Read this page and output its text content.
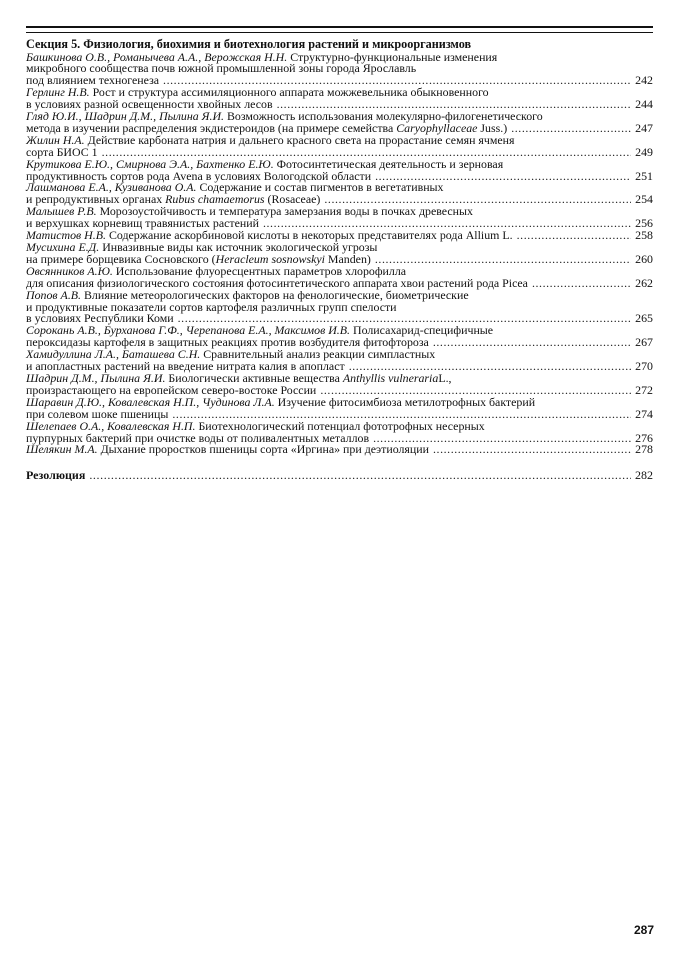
Секция 5. Физиология, биохимия и биотехнология растений и микроорганизмов
Башкинова О.В., Романычева А.А., Верожская Н.Н. Структурно-функциональные изменения
микробного сообщества почв южной промышленной зоны города Ярославль
под влиянием техногенеза . . .	242
Герлинг Н.В. Рост и структура ассимиляционного аппарата можжевельника обыкновенного
в условиях разной освещенности хвойных лесов . . .	244
Гляд Ю.И., Шадрин Д.М., Пылина Я.И. Возможность использования молекулярно-филогенетического
метода в изучении распределения экдистероидов (на примере семейства Caryophyllaceae Juss.) . . .	247
Жилин Н.А. Действие карбоната натрия и дальнего красного света на прорастание семян ячменя
сорта БИОС 1 . . .	249
Крутикова Е.Ю., Смирнова Э.А., Бахтенко Е.Ю. Фотосинтетическая деятельность и зерновая
продуктивность сортов рода Avena в условиях Вологодской области . . .	251
Лашманова Е.А., Кузиванова О.А. Содержание и состав пигментов в вегетативных
и репродуктивных органах Rubus chamaemorus (Rosaceae) . . .	254
Малышев Р.В. Морозоустойчивость и температура замерзания воды в почках древесных
и верхушках корневищ травянистых растений . . .	256
Матистов Н.В. Содержание аскорбиновой кислоты в некоторых представителях рода Allium L. . . .	258
Мусихина Е.Д. Инвазивные виды как источник экологической угрозы
на примере борщевика Сосновского (Heracleum sosnowskyi Manden) . . .	260
Овсянников А.Ю. Использование флуоресцентных параметров хлорофилла
для описания физиологического состояния фотосинтетического аппарата хвои растений рода Picea . . .	262
Попов А.В. Влияние метеорологических факторов на фенологические, биометрические
и продуктивные показатели сортов картофеля различных групп спелости
в условиях Республики Коми . . .	265
Сорокань А.В., Бурханова Г.Ф., Черепанова Е.А., Максимов И.В. Полисахарид-специфичные
пероксидазы картофеля в защитных реакциях против возбудителя фитофтороза . . .	267
Хамидуллина Л.А., Баташева С.Н. Сравнительный анализ реакции симпластных
и апопластных растений на введение нитрата калия в апопласт . . .	270
Шадрин Д.М., Пылина Я.И. Биологически активные вещества Anthyllis vulnerariaL.,
произрастающего на европейском северо-востоке России . . .	272
Шаравин Д.Ю., Ковалевская Н.П., Чудинова Л.А. Изучение фитосимбиоза метилотрофных бактерий
при солевом шоке пшеницы . . .	274
Шелепаев О.А., Ковалевская Н.П. Биотехнологический потенциал фототрофных несерных
пурпурных бактерий при очистке воды от поливалентных металлов . . .	276
Шелякин М.А. Дыхание проростков пшеницы сорта «Иргина» при деэтиоляции . . .	278
Резолюция . . .	282
287
